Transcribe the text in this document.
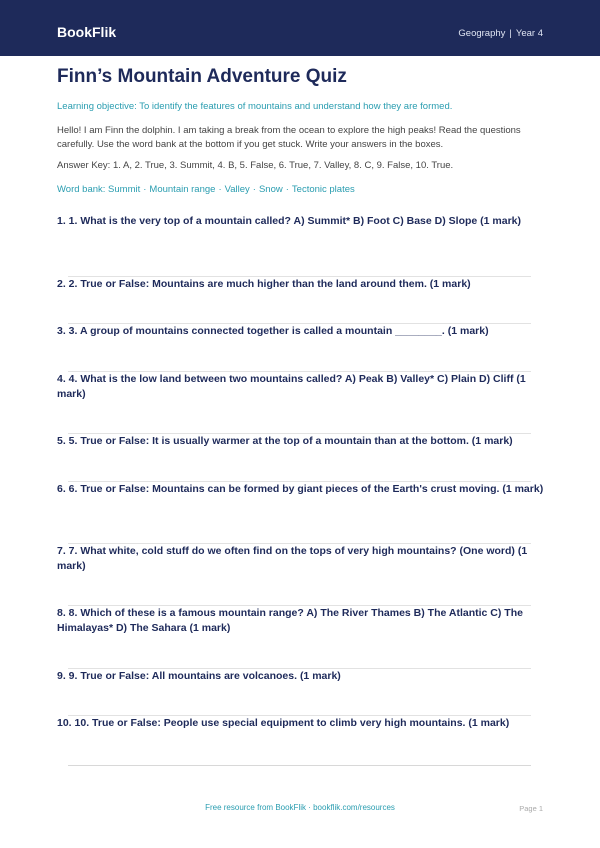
BookFlik	Geography | Year 4
Finn’s Mountain Adventure Quiz

Learning objective: To identify the features of mountains and understand how they are formed.

Hello! I am Finn the dolphin. I am taking a break from the ocean to explore the high peaks! Read the questions carefully. Use the word bank at the bottom if you get stuck. Write your answers in the boxes.

Answer Key: 1. A, 2. True, 3. Summit, 4. B, 5. False, 6. True, 7. Valley, 8. C, 9. False, 10. True.

Word bank: Summit · Mountain range · Valley · Snow · Tectonic plates

1. 1. What is the very top of a mountain called? A) Summit* B) Foot C) Base D) Slope (1 mark)
2. 2. True or False: Mountains are much higher than the land around them. (1 mark)
3. 3. A group of mountains connected together is called a mountain ________. (1 mark)
4. 4. What is the low land between two mountains called? A) Peak B) Valley* C) Plain D) Cliff (1 mark)
5. 5. True or False: It is usually warmer at the top of a mountain than at the bottom. (1 mark)
6. 6. True or False: Mountains can be formed by giant pieces of the Earth's crust moving. (1 mark)
7. 7. What white, cold stuff do we often find on the tops of very high mountains? (One word) (1 mark)
8. 8. Which of these is a famous mountain range? A) The River Thames B) The Atlantic C) The Himalayas* D) The Sahara (1 mark)
9. 9. True or False: All mountains are volcanoes. (1 mark)
10. 10. True or False: People use special equipment to climb very high mountains. (1 mark)
Free resource from BookFlik · bookflik.com/resources	Page 1
